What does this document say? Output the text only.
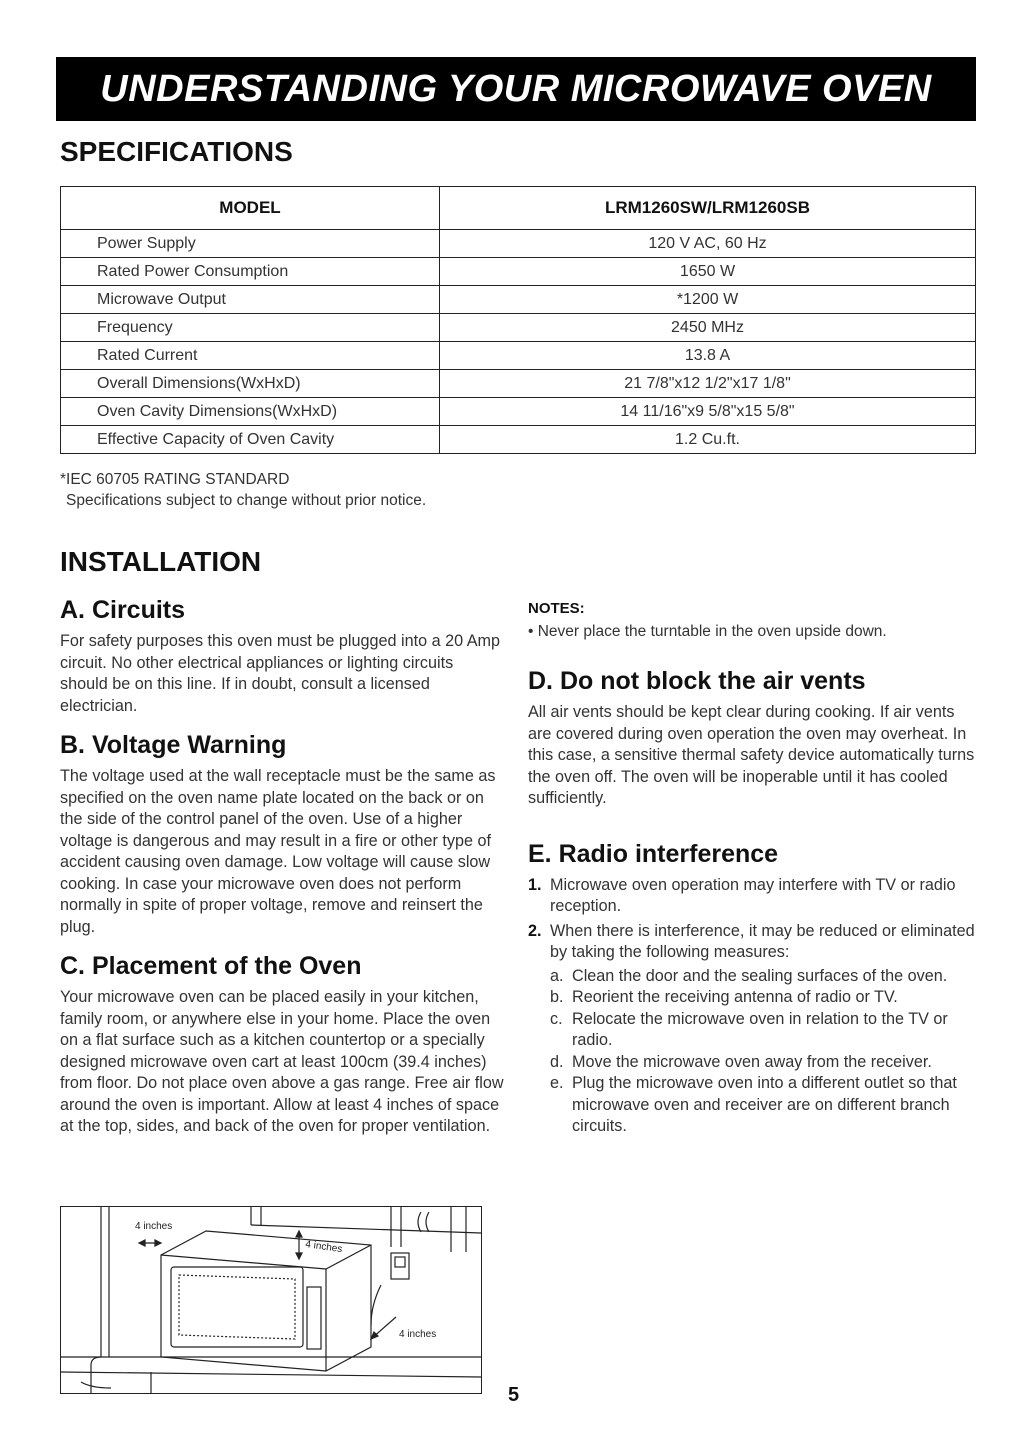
UNDERSTANDING YOUR MICROWAVE OVEN
SPECIFICATIONS
MODEL	LRM1260SW/LRM1260SB
Power Supply	120 V AC, 60 Hz
Rated Power Consumption	1650 W
Microwave Output	*1200 W
Frequency	2450 MHz
Rated Current	13.8 A
Overall Dimensions(WxHxD)	21 7/8"x12 1/2"x17 1/8"
Oven Cavity Dimensions(WxHxD)	14 11/16"x9 5/8"x15 5/8"
Effective Capacity of Oven Cavity	1.2 Cu.ft.
*IEC 60705 RATING STANDARD
Specifications subject to change without prior notice.
INSTALLATION
A. Circuits

For safety purposes this oven must be plugged into a 20 Amp circuit. No other electrical appliances or lighting circuits should be on this line. If in doubt, consult a licensed electrician.

B. Voltage Warning

The voltage used at the wall receptacle must be the same as specified on the oven name plate located on the back or on the side of the control panel of the oven. Use of a higher voltage is dangerous and may result in a fire or other type of accident causing oven damage. Low voltage will cause slow cooking. In case your microwave oven does not perform normally in spite of proper voltage, remove and reinsert the plug.

C. Placement of the Oven

Your microwave oven can be placed easily in your kitchen, family room, or anywhere else in your home. Place the oven on a flat surface such as a kitchen countertop or a specially designed microwave oven cart at least 100cm (39.4 inches) from floor. Do not place oven above a gas range. Free air flow around the oven is important. Allow at least 4 inches of space at the top, sides, and back of the oven for proper ventilation.

NOTES:

• Never place the turntable in the oven upside down.

D. Do not block the air vents

All air vents should be kept clear during cooking. If air vents are covered during oven operation the oven may overheat. In this case, a sensitive thermal safety device automatically turns the oven off. The oven will be inoperable until it has cooled sufficiently.

E. Radio interference
1. Microwave oven operation may interfere with TV or radio reception.
2. When there is interference, it may be reduced or eliminated by taking the following measures:
a. Clean the door and the sealing surfaces of the oven.
b. Reorient the receiving antenna of radio or TV.
c. Relocate the microwave oven in relation to the TV or radio.
d. Move the microwave oven away from the receiver.
e. Plug the microwave oven into a different outlet so that microwave oven and receiver are on different branch circuits.
4 inches
4 inches
4 inches
5
